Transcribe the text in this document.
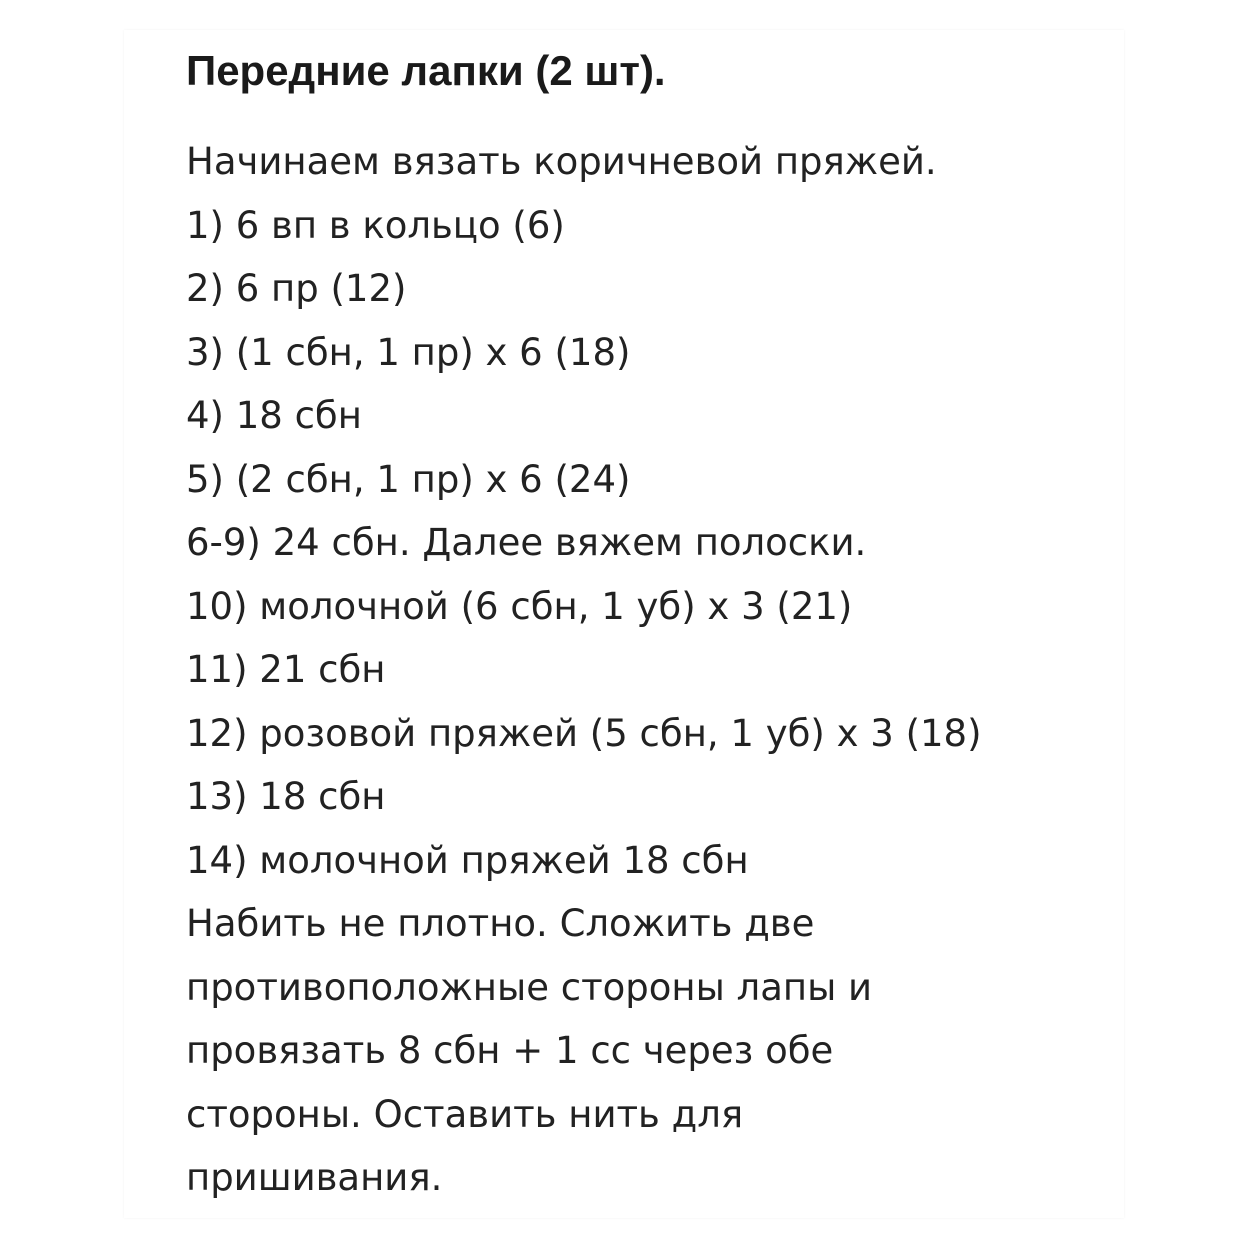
Передние лапки (2 шт).
Начинаем вязать коричневой пряжей.
1) 6 вп в кольцо (6)
2) 6 пр (12)
3) (1 сбн, 1 пр) х 6 (18)
4) 18 сбн
5) (2 сбн, 1 пр) х 6 (24)
6-9) 24 сбн. Далее вяжем полоски.
10) молочной (6 сбн, 1 уб) х 3 (21)
11) 21 сбн
12) розовой пряжей (5 сбн, 1 уб) х 3 (18)
13) 18 сбн
14) молочной пряжей 18 сбн
Набить не плотно. Сложить две
противоположные стороны лапы и
провязать 8 сбн + 1 сс через обе
стороны. Оставить нить для
пришивания.
